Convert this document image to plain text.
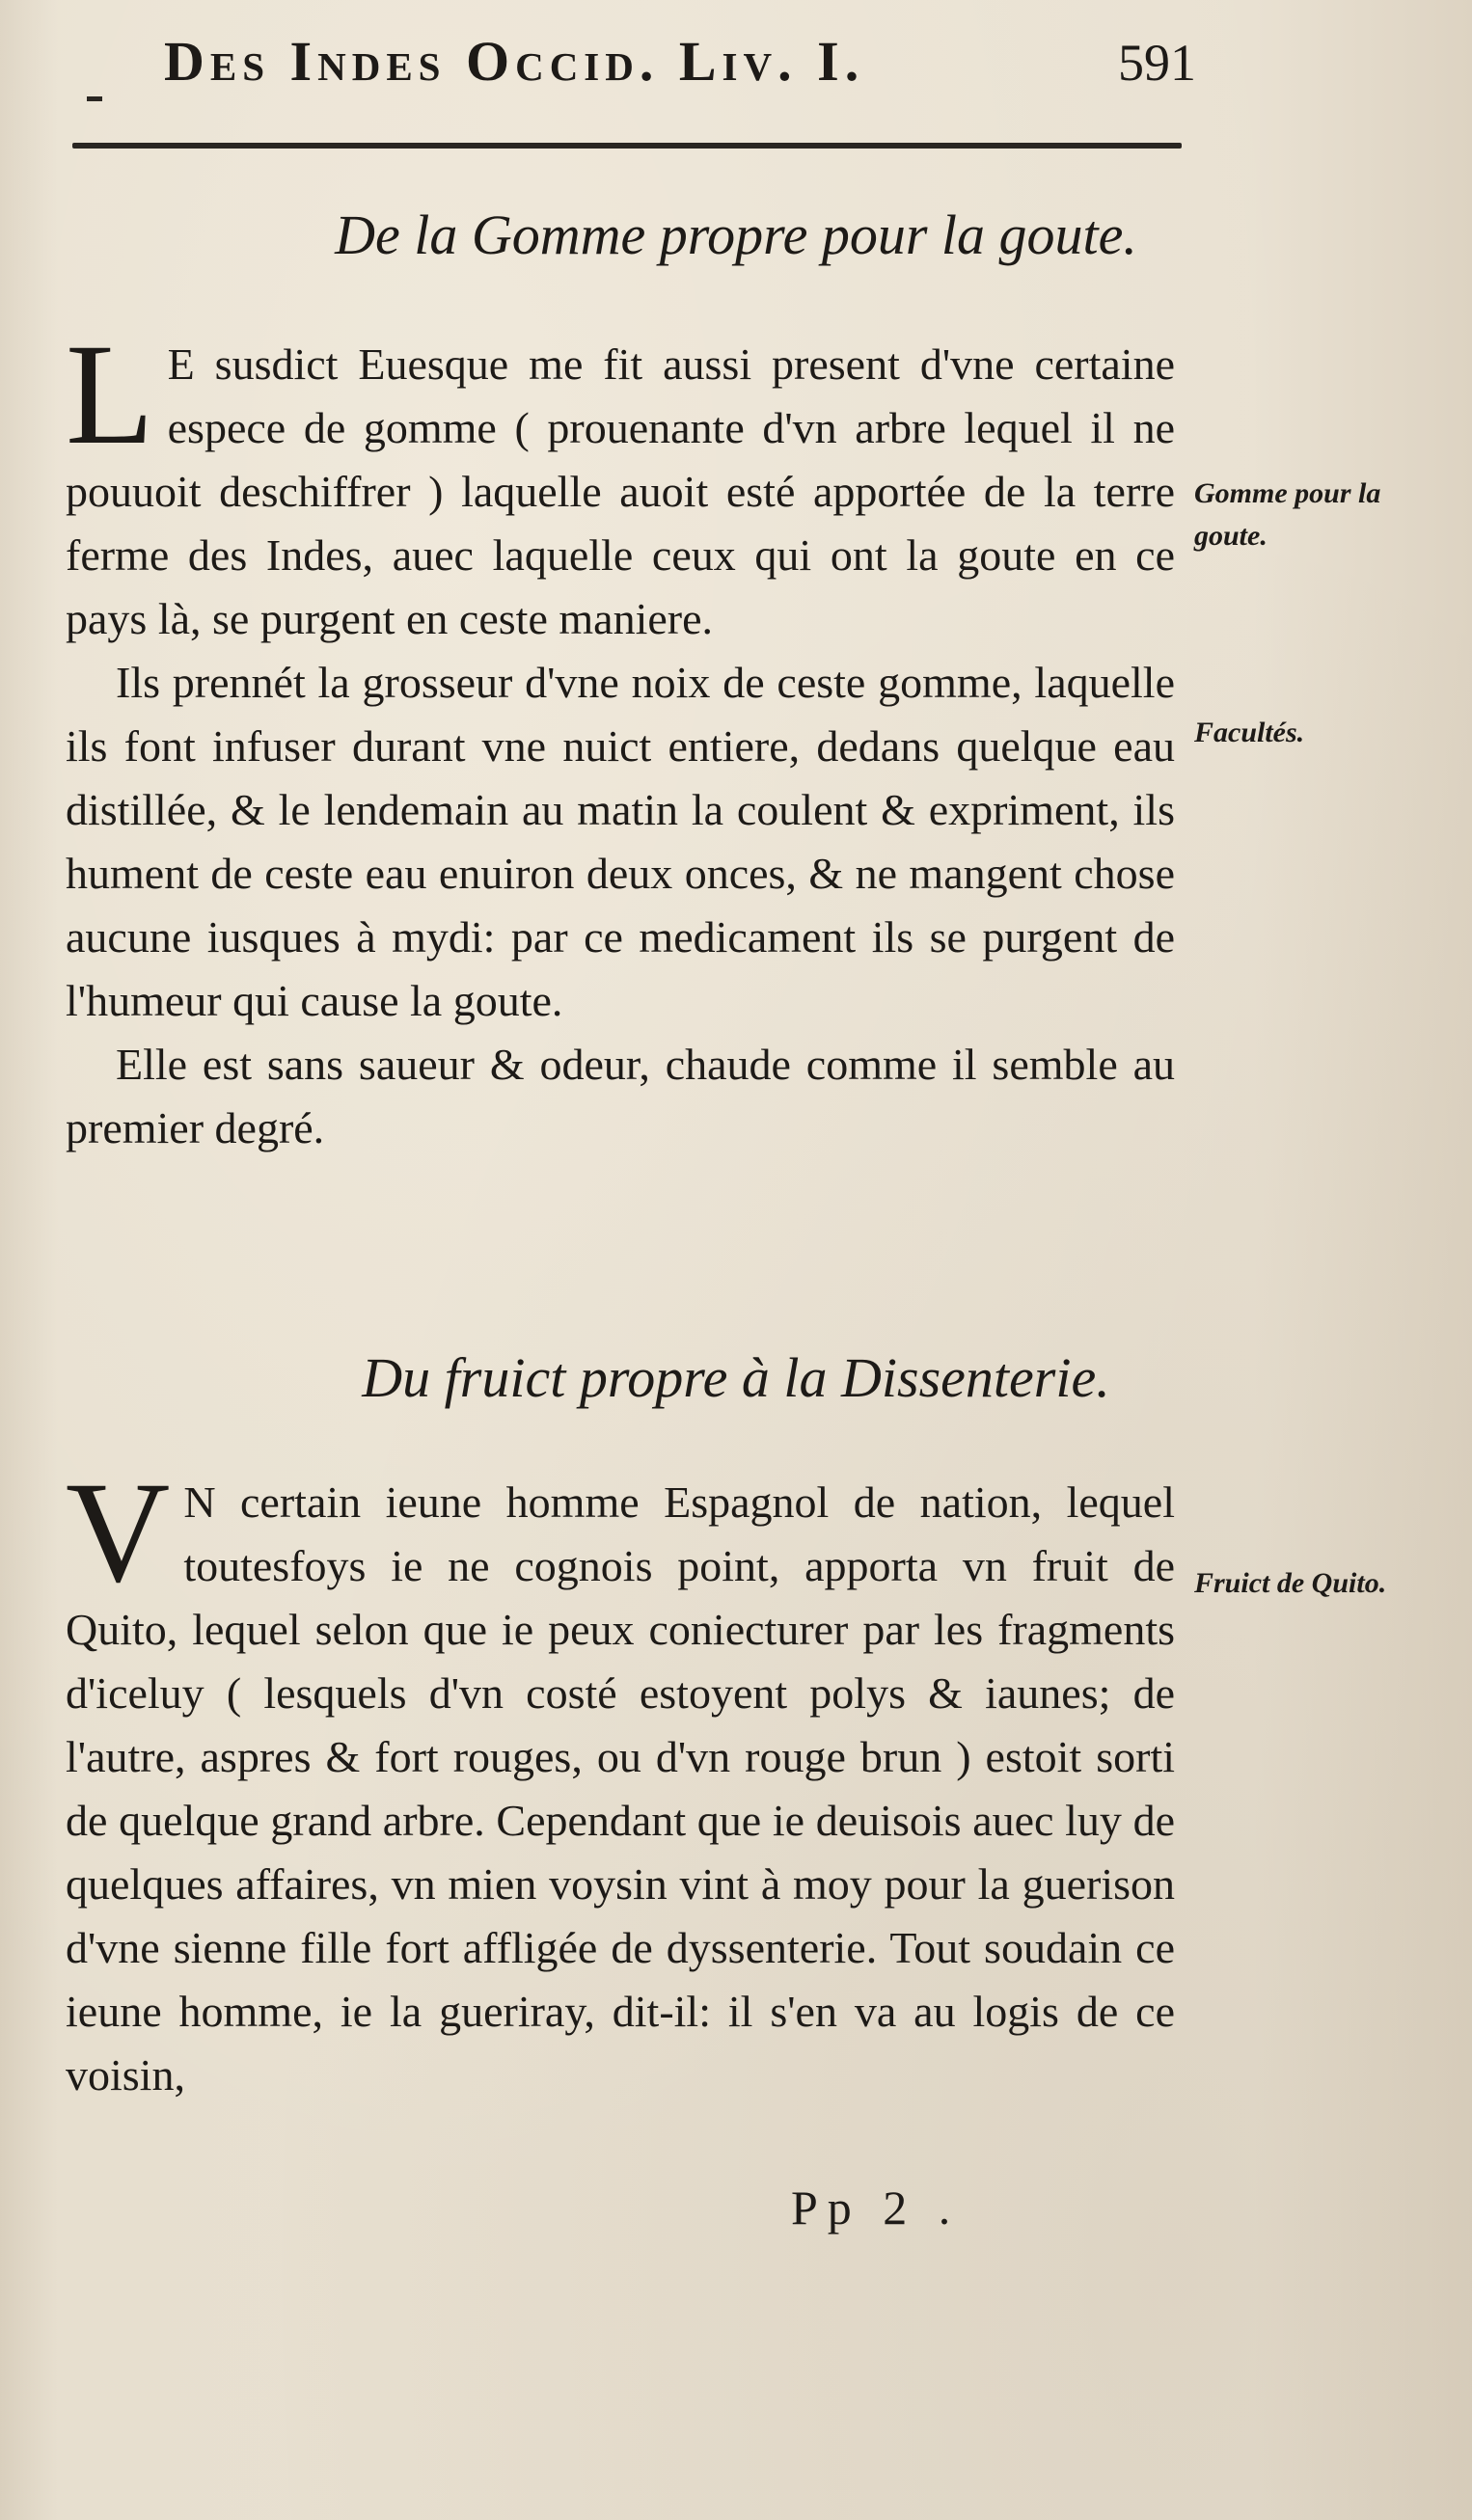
Des Indes Occid. Liv. I.	591
De la Gomme propre pour la goute.

L E susdict Euesque me fit aussi present d'vne certaine espece de gomme ( prouenante d'vn arbre lequel il ne pouuoit deschiffrer ) laquelle auoit esté apportée de la terre ferme des Indes, auec laquelle ceux qui ont la goute en ce pays là, se purgent en ceste maniere.

Ils prennét la grosseur d'vne noix de ceste gomme, laquelle ils font infuser durant vne nuict entiere, dedans quelque eau distillée, & le lendemain au matin la coulent & expriment, ils hument de ceste eau enuiron deux onces, & ne mangent chose aucune iusques à mydi: par ce medicament ils se purgent de l'humeur qui cause la goute.

Elle est sans saueur & odeur, chaude comme il semble au premier degré.

Gomme pour la goute.
Facultés.
Du fruict propre à la Dissenterie.

V N certain ieune homme Espagnol de nation, lequel toutesfoys ie ne cognois point, apporta vn fruit de Quito, lequel selon que ie peux coniecturer par les fragments d'iceluy ( lesquels d'vn costé estoyent polys & iaunes; de l'autre, aspres & fort rouges, ou d'vn rouge brun ) estoit sorti de quelque grand arbre. Cependant que ie deuisois auec luy de quelques affaires, vn mien voysin vint à moy pour la guerison d'vne sienne fille fort affligée de dyssenterie. Tout soudain ce ieune homme, ie la gueriray, dit-il: il s'en va au logis de ce voisin,

Fruict de Quito.
Pp 2 .
